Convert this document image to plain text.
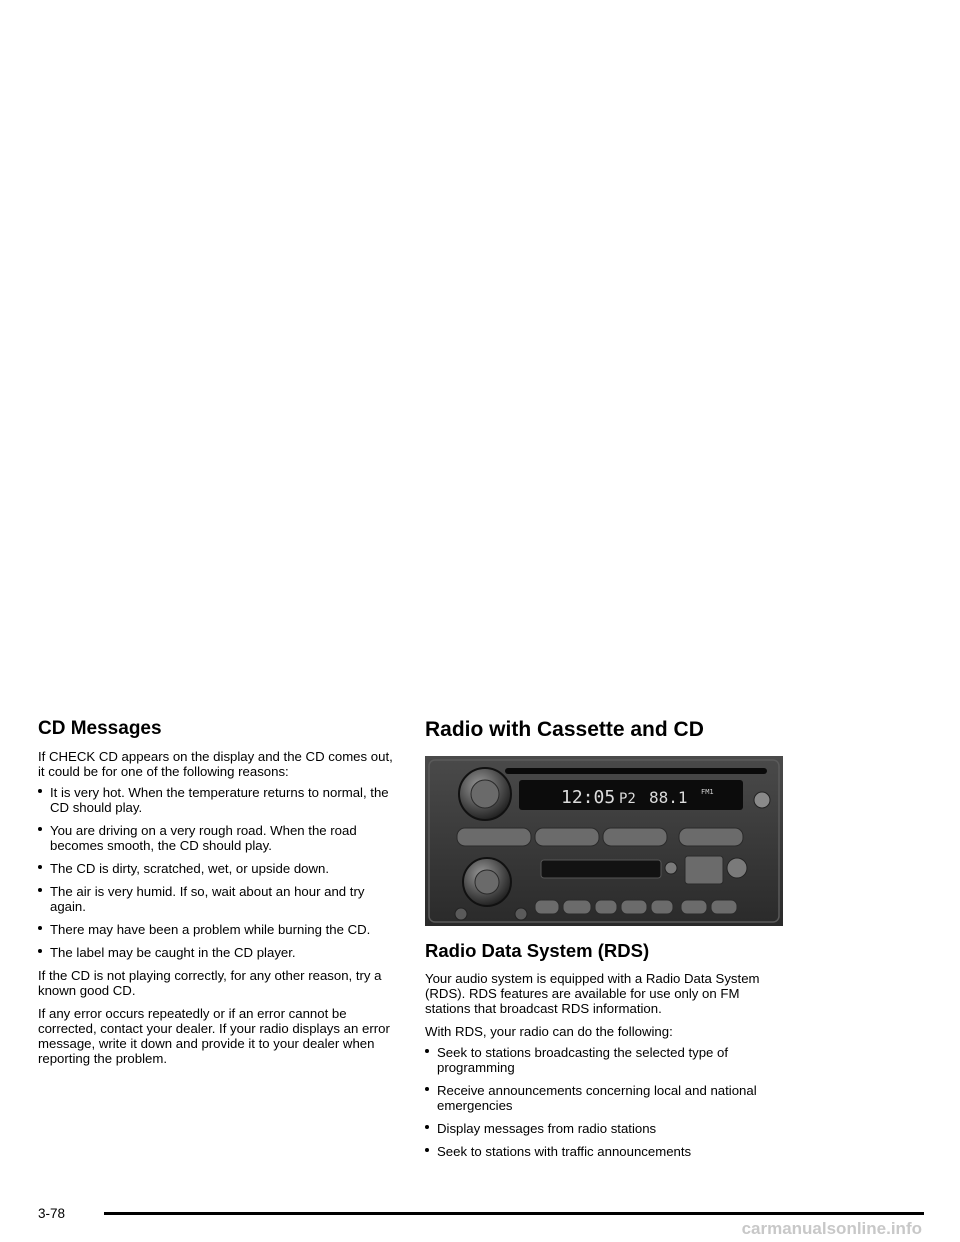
CD Messages

If CHECK CD appears on the display and the CD comes out, it could be for one of the following reasons:

It is very hot. When the temperature returns to normal, the CD should play.
You are driving on a very rough road. When the road becomes smooth, the CD should play.
The CD is dirty, scratched, wet, or upside down.
The air is very humid. If so, wait about an hour and try again.
There may have been a problem while burning the CD.
The label may be caught in the CD player.

If the CD is not playing correctly, for any other reason, try a known good CD.

If any error occurs repeatedly or if an error cannot be corrected, contact your dealer. If your radio displays an error message, write it down and provide it to your dealer when reporting the problem.

Radio with Cassette and CD
12:05 P2 88.1 FM1
Radio Data System (RDS)

Your audio system is equipped with a Radio Data System (RDS). RDS features are available for use only on FM stations that broadcast RDS information.

With RDS, your radio can do the following:

Seek to stations broadcasting the selected type of programming
Receive announcements concerning local and national emergencies
Display messages from radio stations
Seek to stations with traffic announcements
3-78
carmanualsonline.info
